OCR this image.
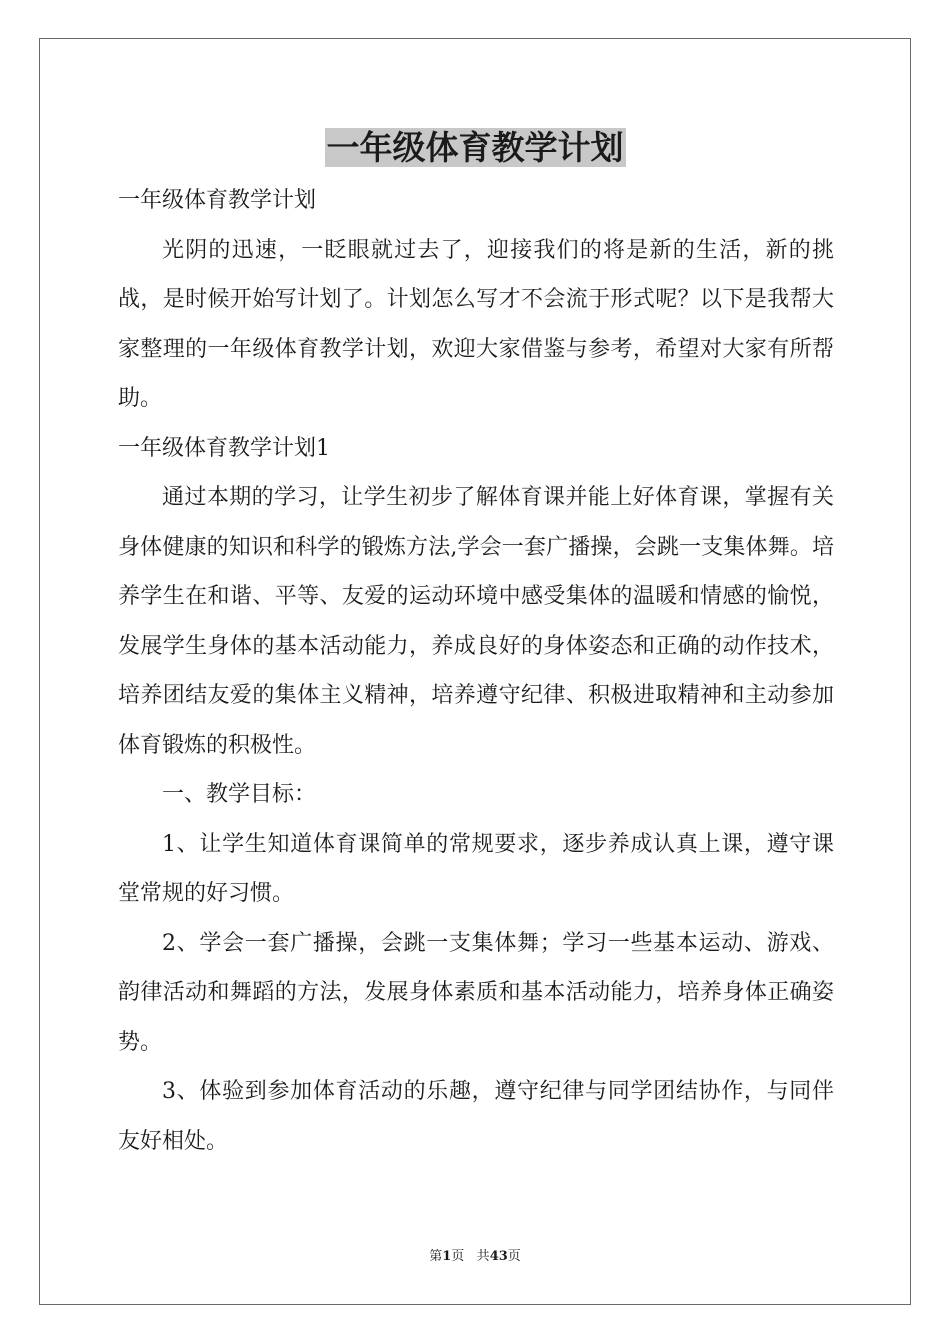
一年级体育教学计划

一年级体育教学计划

光阴的迅速，一眨眼就过去了，迎接我们的将是新的生活，新的挑战，是时候开始写计划了。计划怎么写才不会流于形式呢？以下是我帮大家整理的一年级体育教学计划，欢迎大家借鉴与参考，希望对大家有所帮助。

一年级体育教学计划1

通过本期的学习，让学生初步了解体育课并能上好体育课，掌握有关身体健康的知识和科学的锻炼方法,学会一套广播操，会跳一支集体舞。培养学生在和谐、平等、友爱的运动环境中感受集体的温暖和情感的愉悦，发展学生身体的基本活动能力，养成良好的身体姿态和正确的动作技术，培养团结友爱的集体主义精神，培养遵守纪律、积极进取精神和主动参加体育锻炼的积极性。

一、教学目标：

1、让学生知道体育课简单的常规要求，逐步养成认真上课，遵守课堂常规的好习惯。

2、学会一套广播操，会跳一支集体舞；学习一些基本运动、游戏、韵律活动和舞蹈的方法，发展身体素质和基本活动能力，培养身体正确姿势。

3、体验到参加体育活动的乐趣，遵守纪律与同学团结协作，与同伴友好相处。

第1页 共43页
